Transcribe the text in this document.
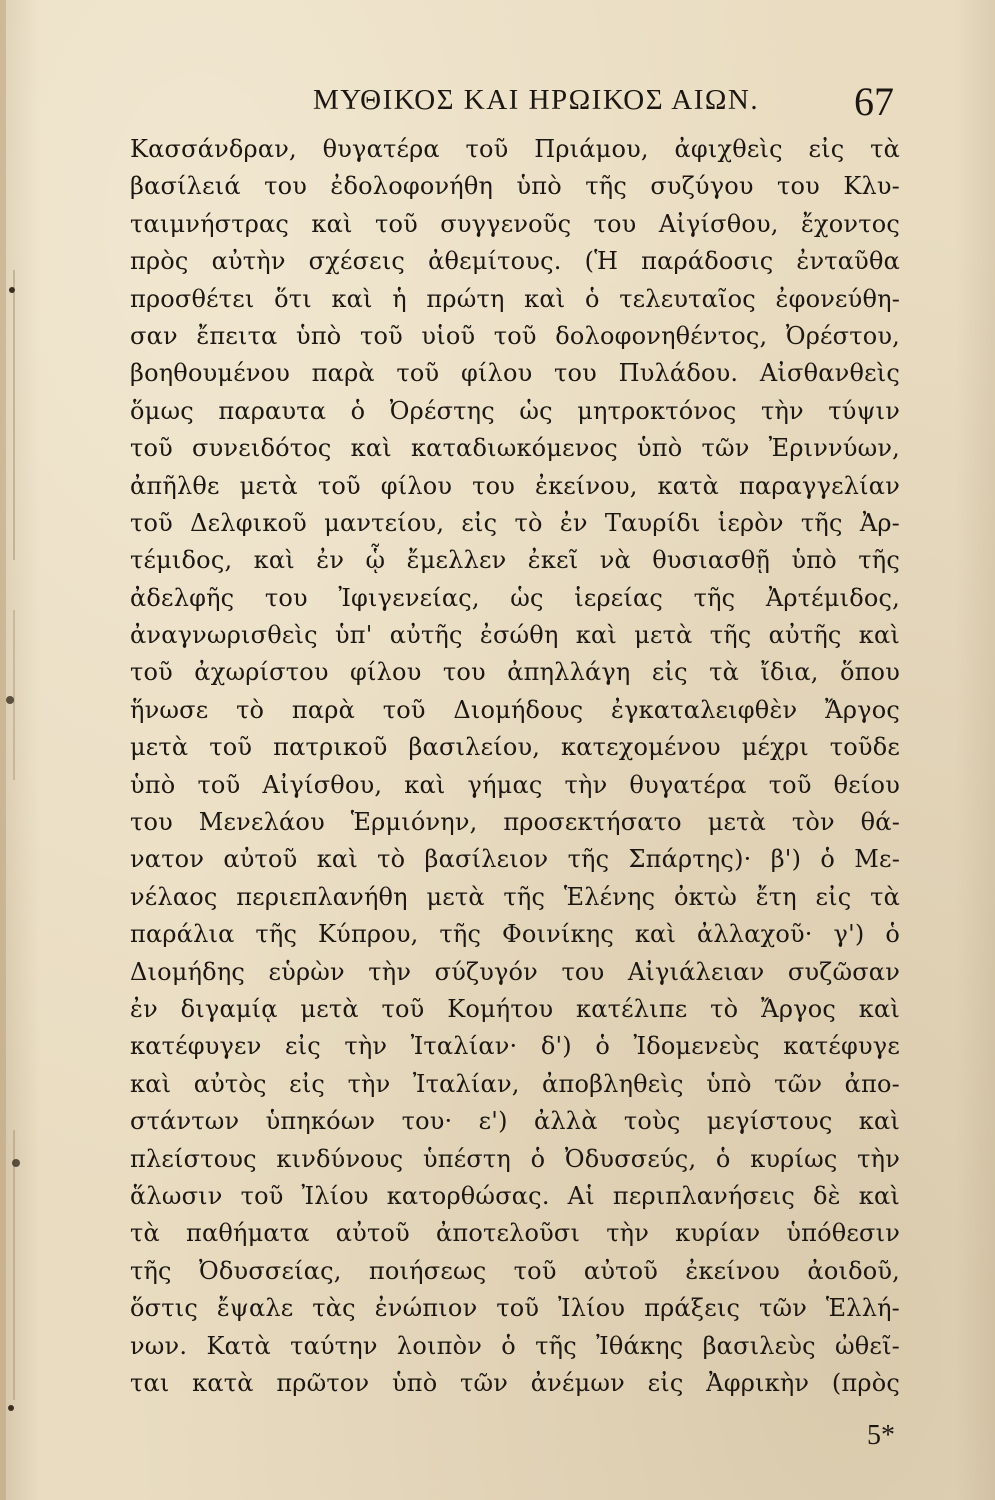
ΜΥΘΙΚΟΣ ΚΑΙ ΗΡΩΙΚΟΣ ΑΙΩΝ. 67
Κασσάνδραν, θυγατέρα τοῦ Πριάμου, ἀφιχθεὶς εἰς τὰ
βασίλειά του ἐδολοφονήθη ὑπὸ τῆς συζύγου του Κλυ-
ταιμνήστρας καὶ τοῦ συγγενοῦς του Αἰγίσθου, ἔχοντος
πρὸς αὐτὴν σχέσεις ἀθεμίτους. (Ἡ παράδοσις ἐνταῦθα
προσθέτει ὅτι καὶ ἡ πρώτη καὶ ὁ τελευταῖος ἐφονεύθη-
σαν ἔπειτα ὑπὸ τοῦ υἱοῦ τοῦ δολοφονηθέντος, Ὀρέστου,
βοηθουμένου παρὰ τοῦ φίλου του Πυλάδου. Αἰσθανθεὶς
ὅμως παραυτα ὁ Ὀρέστης ὡς μητροκτόνος τὴν τύψιν
τοῦ συνειδότος καὶ καταδιωκόμενος ὑπὸ τῶν Ἐριννύων,
ἀπῆλθε μετὰ τοῦ φίλου του ἐκείνου, κατὰ παραγγελίαν
τοῦ Δελφικοῦ μαντείου, εἰς τὸ ἐν Ταυρίδι ἱερὸν τῆς Ἀρ-
τέμιδος, καὶ ἐν ᾧ ἔμελλεν ἐκεῖ νὰ θυσιασθῇ ὑπὸ τῆς
ἀδελφῆς του Ἰφιγενείας, ὡς ἱερείας τῆς Ἀρτέμιδος,
ἀναγνωρισθεὶς ὑπ' αὐτῆς ἐσώθη καὶ μετὰ τῆς αὐτῆς καὶ
τοῦ ἀχωρίστου φίλου του ἀπηλλάγη εἰς τὰ ἴδια, ὅπου
ἥνωσε τὸ παρὰ τοῦ Διομήδους ἐγκαταλειφθὲν Ἄργος
μετὰ τοῦ πατρικοῦ βασιλείου, κατεχομένου μέχρι τοῦδε
ὑπὸ τοῦ Αἰγίσθου, καὶ γήμας τὴν θυγατέρα τοῦ θείου
του Μενελάου Ἑρμιόνην, προσεκτήσατο μετὰ τὸν θά-
νατον αὐτοῦ καὶ τὸ βασίλειον τῆς Σπάρτης)· β') ὁ Με-
νέλαος περιεπλανήθη μετὰ τῆς Ἑλένης ὀκτὼ ἔτη εἰς τὰ
παράλια τῆς Κύπρου, τῆς Φοινίκης καὶ ἀλλαχοῦ· γ') ὁ
Διομήδης εὑρὼν τὴν σύζυγόν του Αἰγιάλειαν συζῶσαν
ἐν διγαμίᾳ μετὰ τοῦ Κομήτου κατέλιπε τὸ Ἄργος καὶ
κατέφυγεν εἰς τὴν Ἰταλίαν· δ') ὁ Ἰδομενεὺς κατέφυγε
καὶ αὐτὸς εἰς τὴν Ἰταλίαν, ἀποβληθεὶς ὑπὸ τῶν ἀπο-
στάντων ὑπηκόων του· ε') ἀλλὰ τοὺς μεγίστους καὶ
πλείστους κινδύνους ὑπέστη ὁ Ὀδυσσεύς, ὁ κυρίως τὴν
ἅλωσιν τοῦ Ἰλίου κατορθώσας. Αἱ περιπλανήσεις δὲ καὶ
τὰ παθήματα αὐτοῦ ἀποτελοῦσι τὴν κυρίαν ὑπόθεσιν
τῆς Ὀδυσσείας, ποιήσεως τοῦ αὐτοῦ ἐκείνου ἀοιδοῦ,
ὅστις ἔψαλε τὰς ἐνώπιον τοῦ Ἰλίου πράξεις τῶν Ἑλλή-
νων. Κατὰ ταύτην λοιπὸν ὁ τῆς Ἰθάκης βασιλεὺς ὠθεῖ-
ται κατὰ πρῶτον ὑπὸ τῶν ἀνέμων εἰς Ἀφρικὴν (πρὸς
5*
